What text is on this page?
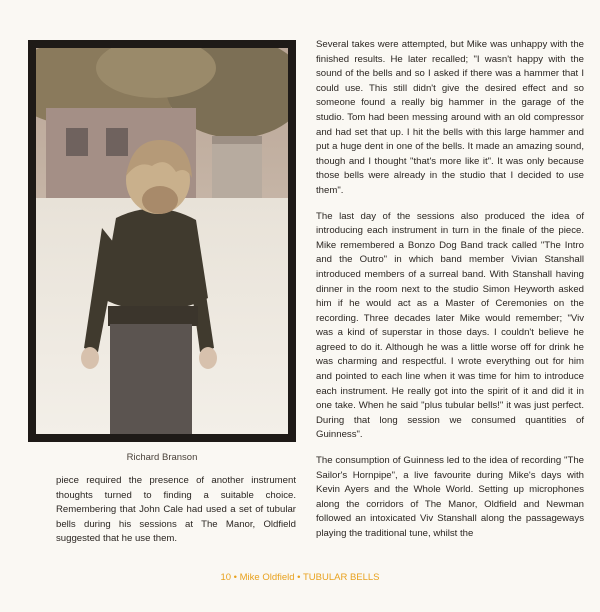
Richard Branson

piece required the presence of another instrument thoughts turned to finding a suitable choice. Remembering that John Cale had used a set of tubular bells during his sessions at The Manor, Oldfield suggested that he use them.

Several takes were attempted, but Mike was unhappy with the finished results. He later recalled; "I wasn't happy with the sound of the bells and so I asked if there was a hammer that I could use. This still didn't give the desired effect and so someone found a really big hammer in the garage of the studio. Tom had been messing around with an old compressor and had set that up. I hit the bells with this large hammer and put a huge dent in one of the bells. It made an amazing sound, though and I thought "that's more like it". It was only because those bells were already in the studio that I decided to use them".

The last day of the sessions also produced the idea of introducing each instrument in turn in the finale of the piece. Mike remembered a Bonzo Dog Band track called "The Intro and the Outro" in which band member Vivian Stanshall introduced members of a surreal band. With Stanshall having dinner in the room next to the studio Simon Heyworth asked him if he would act as a Master of Ceremonies on the recording. Three decades later Mike would remember; "Viv was a kind of superstar in those days. I couldn't believe he agreed to do it. Although he was a little worse off for drink he was charming and respectful. I wrote everything out for him and pointed to each line when it was time for him to introduce each instrument. He really got into the spirit of it and did it in one take. When he said "plus tubular bells!" it was just perfect. During that long session we consumed quantities of Guinness".

The consumption of Guinness led to the idea of recording "The Sailor's Hornpipe", a live favourite during Mike's days with Kevin Ayers and the Whole World. Setting up microphones along the corridors of The Manor, Oldfield and Newman followed an intoxicated Viv Stanshall along the passageways playing the traditional tune, whilst the

10 • Mike Oldfield • TUBULAR BELLS
